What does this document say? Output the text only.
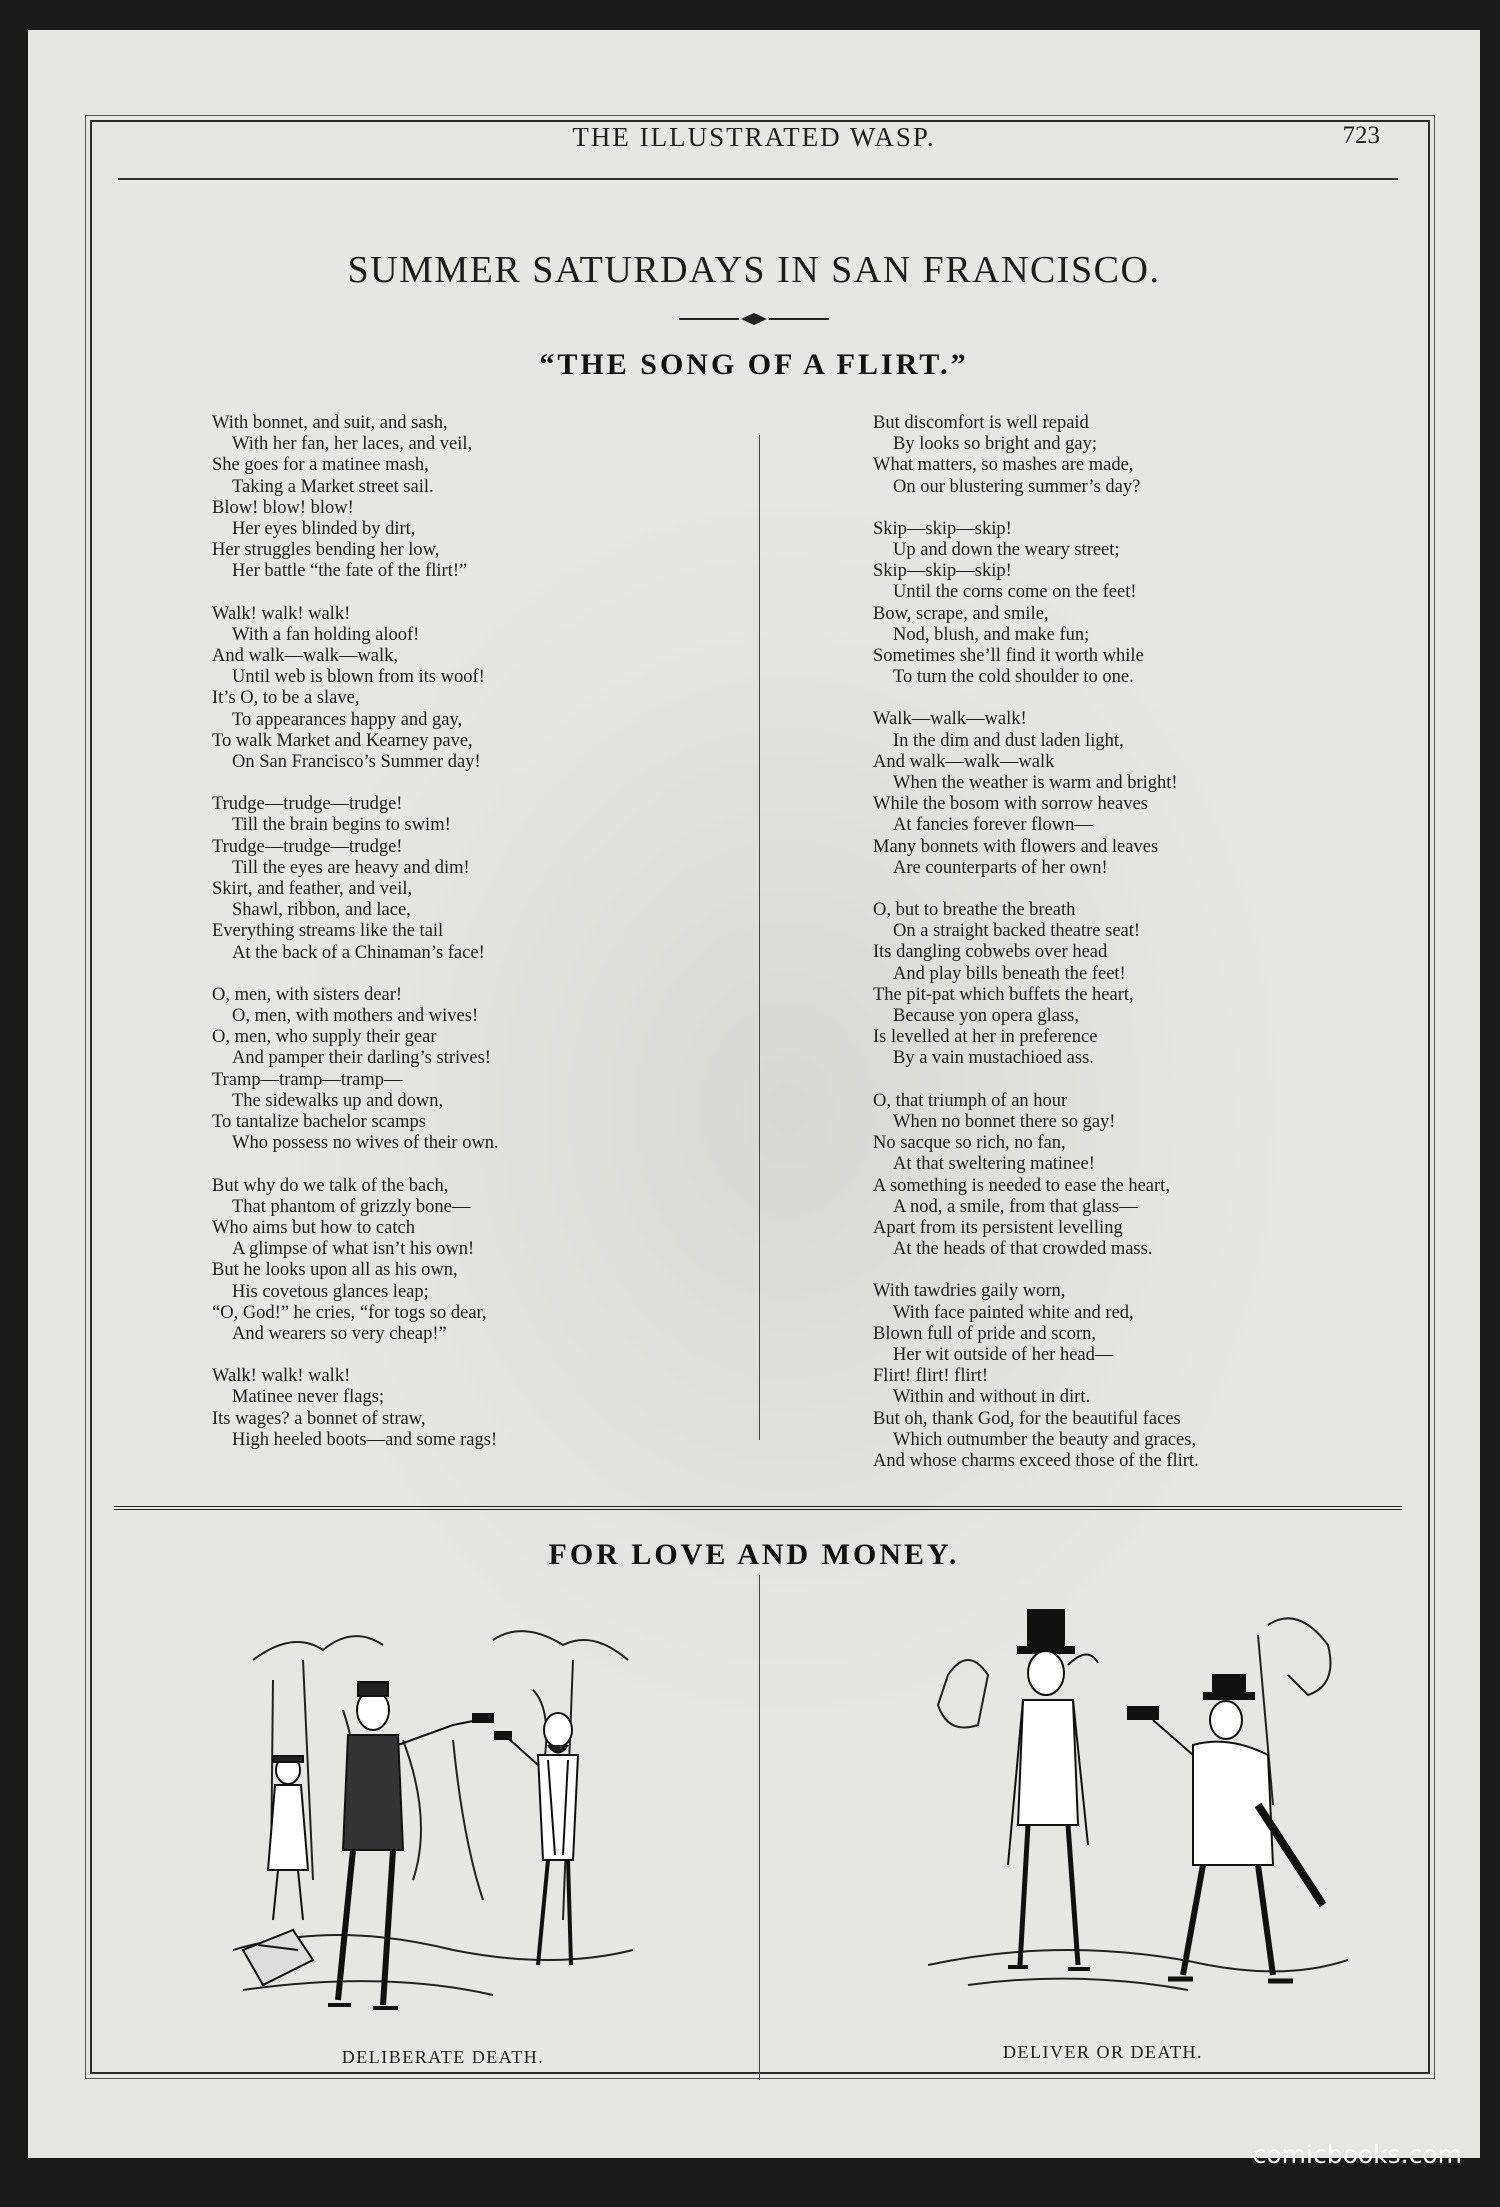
THE ILLUSTRATED WASP.	723
SUMMER SATURDAYS IN SAN FRANCISCO.
“THE SONG OF A FLIRT.”
With bonnet, and suit, and sash,
With her fan, her laces, and veil,
She goes for a matinee mash,
Taking a Market street sail.
Blow! blow! blow!
Her eyes blinded by dirt,
Her struggles bending her low,
Her battle “the fate of the flirt!”
Walk! walk! walk!
With a fan holding aloof!
And walk—walk—walk,
Until web is blown from its woof!
It’s O, to be a slave,
To appearances happy and gay,
To walk Market and Kearney pave,
On San Francisco’s Summer day!
Trudge—trudge—trudge!
Till the brain begins to swim!
Trudge—trudge—trudge!
Till the eyes are heavy and dim!
Skirt, and feather, and veil,
Shawl, ribbon, and lace,
Everything streams like the tail
At the back of a Chinaman’s face!
O, men, with sisters dear!
O, men, with mothers and wives!
O, men, who supply their gear
And pamper their darling’s strives!
Tramp—tramp—tramp—
The sidewalks up and down,
To tantalize bachelor scamps
Who possess no wives of their own.
But why do we talk of the bach,
That phantom of grizzly bone—
Who aims but how to catch
A glimpse of what isn’t his own!
But he looks upon all as his own,
His covetous glances leap;
“O, God!” he cries, “for togs so dear,
And wearers so very cheap!”
Walk! walk! walk!
Matinee never flags;
Its wages? a bonnet of straw,
High heeled boots—and some rags!
But discomfort is well repaid
By looks so bright and gay;
What matters, so mashes are made,
On our blustering summer’s day?
Skip—skip—skip!
Up and down the weary street;
Skip—skip—skip!
Until the corns come on the feet!
Bow, scrape, and smile,
Nod, blush, and make fun;
Sometimes she’ll find it worth while
To turn the cold shoulder to one.
Walk—walk—walk!
In the dim and dust laden light,
And walk—walk—walk
When the weather is warm and bright!
While the bosom with sorrow heaves
At fancies forever flown—
Many bonnets with flowers and leaves
Are counterparts of her own!
O, but to breathe the breath
On a straight backed theatre seat!
Its dangling cobwebs over head
And play bills beneath the feet!
The pit-pat which buffets the heart,
Because yon opera glass,
Is levelled at her in preference
By a vain mustachioed ass.
O, that triumph of an hour
When no bonnet there so gay!
No sacque so rich, no fan,
At that sweltering matinee!
A something is needed to ease the heart,
A nod, a smile, from that glass—
Apart from its persistent levelling
At the heads of that crowded mass.
With tawdries gaily worn,
With face painted white and red,
Blown full of pride and scorn,
Her wit outside of her head—
Flirt! flirt! flirt!
Within and without in dirt.
But oh, thank God, for the beautiful faces
Which outnumber the beauty and graces,
And whose charms exceed those of the flirt.
FOR LOVE AND MONEY.
DELIBERATE DEATH.	DELIVER OR DEATH.
comicbooks.com
